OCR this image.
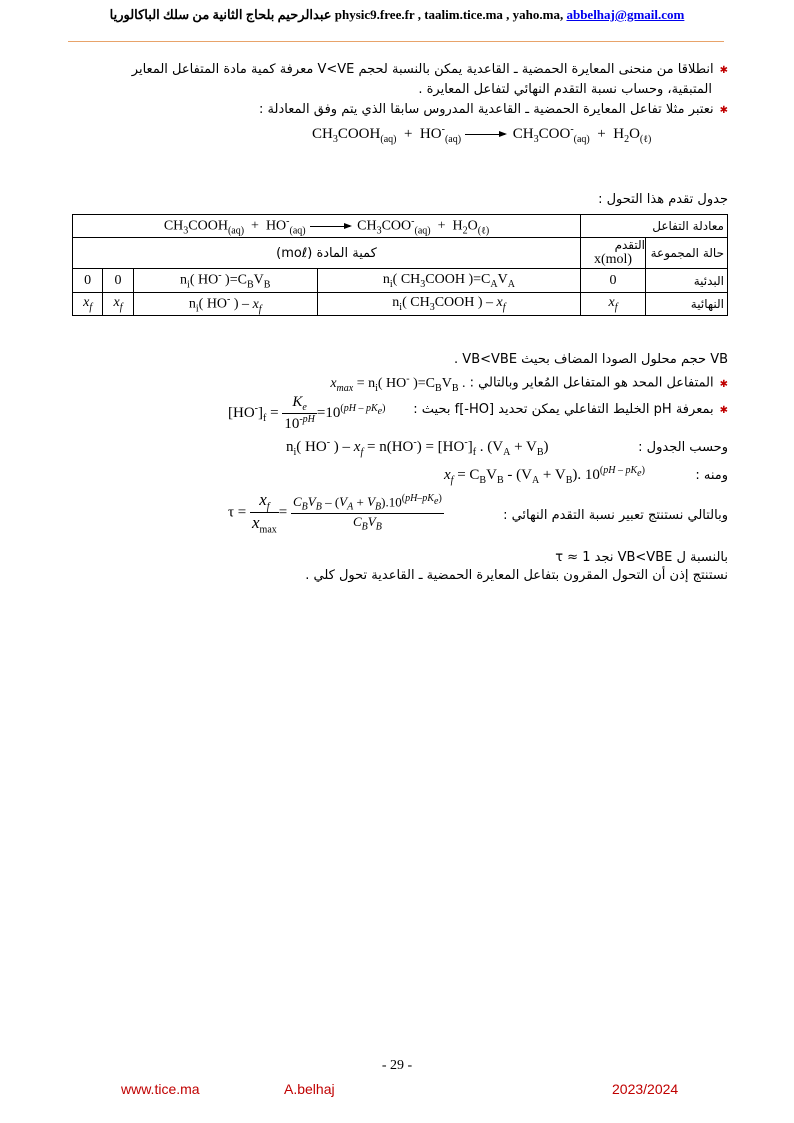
عبدالرحيم بلحاج الثانية من سلك الباكالوريا physic9.free.fr , taalim.tice.ma , yaho.ma, abbelhaj@gmail.com
✱انطلاقا من منحنى المعايرة الحمضية ـ القاعدية يمكن بالنسبة لحجم V<VE معرفة كمية مادة المتفاعل المعاير
المتبقية، وحساب نسبة التقدم النهائي لتفاعل المعايرة .
✱نعتبر مثلا تفاعل المعايرة الحمضية ـ القاعدية المدروس سابقا الذي يتم وفق المعادلة :
$CH_3COOH_{(aq)} + HO^-_{(aq)} \to CH_3COO^-_{(aq)} + H_2O_{(\ell)}$
جدول تقدم هذا التحول :
معادلة التفاعل		$CH_3COOH_{(aq)} + HO^-_{(aq)}$ $CH_3COO^-_{(aq)} + H_2O_{(\ell)}$
حالة المجموعة	التقدم
x(mol)	كمية المادة (moℓ)			
البدئية	0	$n_i$( $CH_3COOH$ )$=C_AV_A$	$n_i$( HO- )$=C_BV_B$	0	0
النهائية	$x_f$	$n_i$( $CH_3COOH$ ) – $x_f$	$n_i$( HO- ) – $x_f$	$x_f$	$x_f$
VB حجم محلول الصودا المضاف بحيث VB<VBE .
✱المتفاعل المحد هو المتفاعل المُعاير وبالتالي : $x_{max} = n_i$( HO- )$=C_BV_B$ .
✱بمعرفة pH الخليط التفاعلي يمكن تحديد [HO-]f بحيث :
$[HO^-]_f = \frac{K_e}{10^{-pH}} =10^{(pH - pK_e)}$
وحسب الجدول :
$n_i$( HO- ) – $x_f = n(HO^-) = [HO^-]_f$ . $(V_A + V_B)$
ومنه :
$x_f = C_BV_B - (V_A + V_B)$. $10^{(pH - pK_e)}$
وبالتالي نستنتج تعبير نسبة التقدم النهائي :
$\tau = \frac{x_f}{x_{max}} = \frac{C_BV_B - (V_A + V_B).10^{(pH-pK_e)}}{C_BV_B}$
بالنسبة ل VB<VBE نجد τ ≈ 1
نستنتج إذن أن التحول المقرون بتفاعل المعايرة الحمضية ـ القاعدية تحول كلي .
- 29 -
www.tice.ma	A.belhaj	2023/2024
